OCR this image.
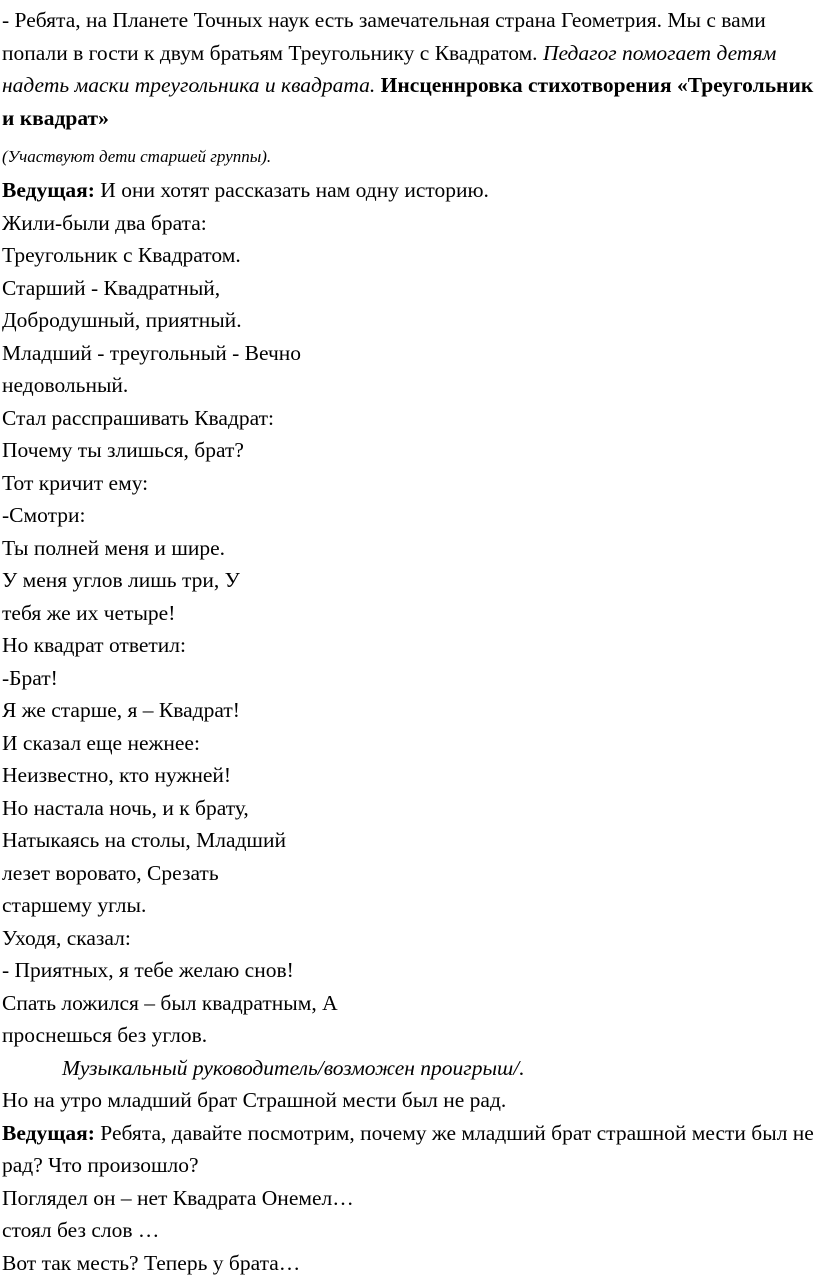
- Ребята, на Планете Точных наук есть замечательная страна Геометрия. Мы с вами попали в гости к двум братьям Треугольнику с Квадратом. Педагог помогает детям надеть маски треугольника и квадрата. Инсценнровка стихотворения «Треугольник и квадрат»

(Участвуют дети старшей группы).

Ведущая: И они хотят рассказать нам одну историю.

Жили-были два брата:
Треугольник с Квадратом.
Старший - Квадратный,
Добродушный, приятный.
Младший - треугольный - Вечно
недовольный.
Стал расспрашивать Квадрат:
Почему ты злишься, брат?
Тот кричит ему:
-Смотри:
Ты полней меня и шире.
У меня углов лишь три, У
тебя же их четыре!
Но квадрат ответил:
-Брат!
Я же старше, я – Квадрат!
И сказал еще нежнее:
Неизвестно, кто нужней!
Но настала ночь, и к брату,
Натыкаясь на столы, Младший
лезет воровато, Срезать
старшему углы.
Уходя, сказал:
- Приятных, я тебе желаю снов!
Спать ложился – был квадратным, А
проснешься без углов.

Музыкальный руководитель/возможен проигрыш/.

Но на утро младший брат Страшной мести был не рад.

Ведущая: Ребята, давайте посмотрим, почему же младший брат страшной мести был не рад? Что произошло?

Поглядел он – нет Квадрата Онемел…
стоял без слов …
Вот так месть? Теперь у брата…
